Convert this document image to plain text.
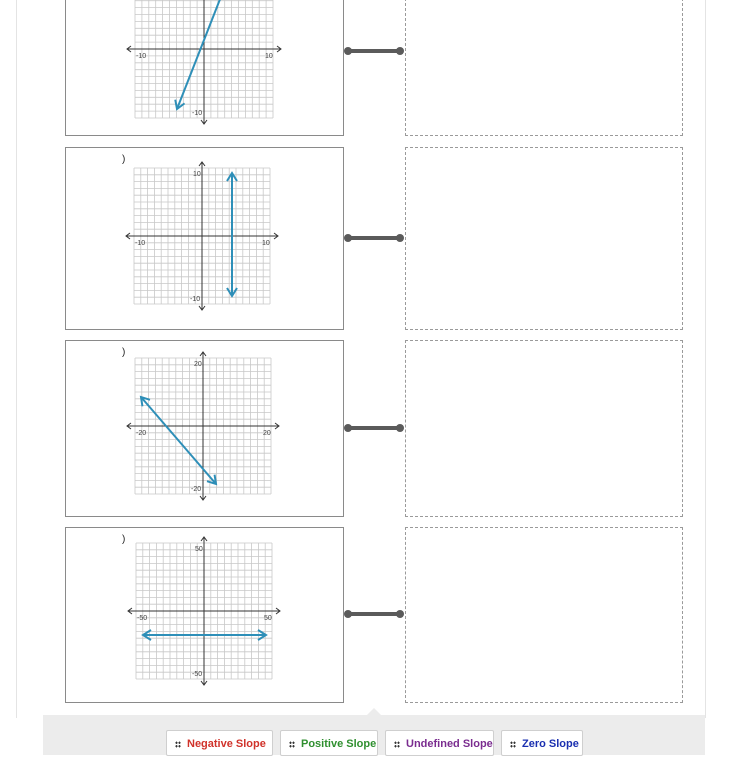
-10	10
-10
-10	10
10
-10
)
-20	20
20
-20
)
-50	50
50
-50
)
Negative Slope	Positive Slope	Undefined Slope	Zero Slope
